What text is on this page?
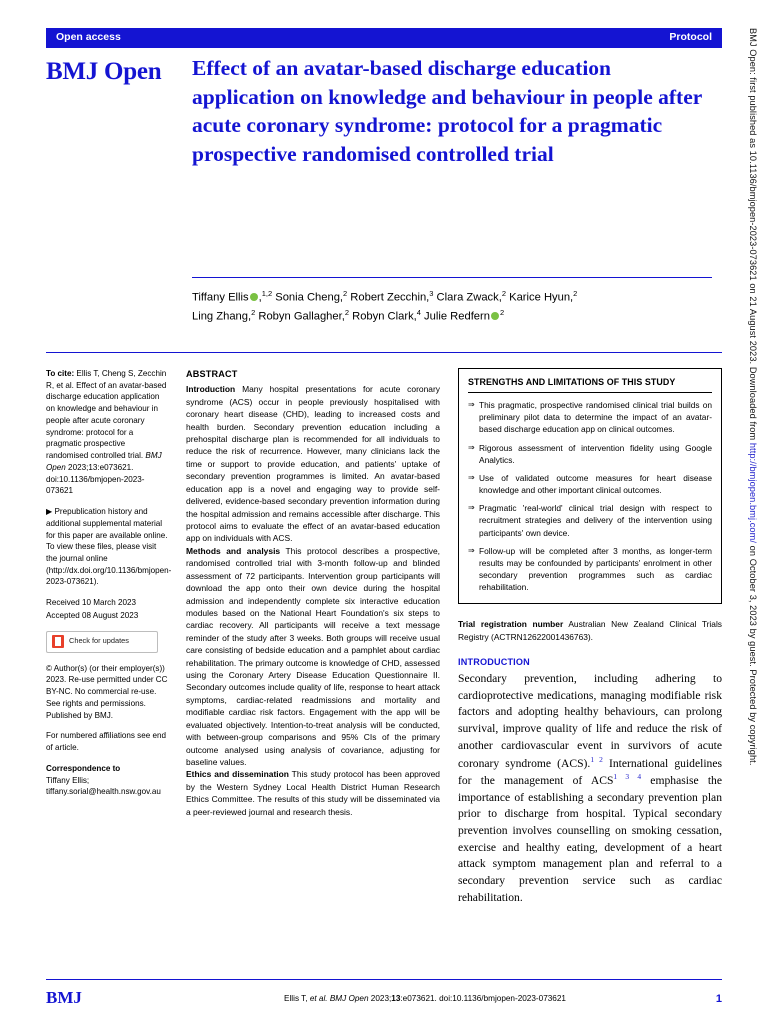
BMJ Open: first published as 10.1136/bmjopen-2023-073621 on 21 August 2023. Downloaded from http://bmjopen.bmj.com/ on October 3, 2023 by guest. Protected by copyright.
Open access	Protocol
BMJ Open	Effect of an avatar-based discharge education application on knowledge and behaviour in people after acute coronary syndrome: protocol for a pragmatic prospective randomised controlled trial
Tiffany Ellis ,$^{1,2}$ Sonia Cheng,$^2$ Robert Zecchin,$^3$ Clara Zwack,$^2$ Karice Hyun,$^2$
Ling Zhang,$^2$ Robyn Gallagher,$^2$ Robyn Clark,$^4$ Julie Redfern $^2$

To cite: Ellis T, Cheng S, Zecchin R, et al. Effect of an avatar-based discharge education application on knowledge and behaviour in people after acute coronary syndrome: protocol for a pragmatic prospective randomised controlled trial. BMJ Open 2023;13:e073621. doi:10.1136/bmjopen-2023-073621

▶ Prepublication history and additional supplemental material for this paper are available online. To view these files, please visit the journal online (http://dx.doi.org/10.1136/bmjopen-2023-073621).

Received 10 March 2023

Accepted 08 August 2023

Check for updates

© Author(s) (or their employer(s)) 2023. Re-use permitted under CC BY-NC. No commercial re-use. See rights and permissions. Published by BMJ.

For numbered affiliations see end of article.

Correspondence to
Tiffany Ellis;
tiffany.sorial@health.nsw.gov.au

ABSTRACT

Introduction Many hospital presentations for acute coronary syndrome (ACS) occur in people previously hospitalised with coronary heart disease (CHD), leading to increased costs and health burden. Secondary prevention education including a prehospital discharge plan is recommended for all individuals to reduce the risk of recurrence. However, many clinicians lack the time or support to provide education, and patients' uptake of secondary prevention programmes is limited. An avatar-based education app is a novel and engaging way to provide self-delivered, evidence-based secondary prevention information during the hospital admission and remains accessible after discharge. This protocol aims to evaluate the effect of an avatar-based education app on individuals with ACS.

Methods and analysis This protocol describes a prospective, randomised controlled trial with 3-month follow-up and blinded assessment of 72 participants. Intervention group participants will download the app onto their own device during the hospital admission and independently complete six interactive education modules based on the National Heart Foundation's six steps to cardiac recovery. All participants will receive a text message reminder of the study after 3 weeks. Both groups will receive usual care consisting of bedside education and a pamphlet about cardiac rehabilitation. The primary outcome is knowledge of CHD, assessed using the Coronary Artery Disease Education Questionnaire II. Secondary outcomes include quality of life, response to heart attack symptoms, cardiac-related readmissions and mortality and modifiable cardiac risk factors. Engagement with the app will be evaluated objectively. Intention-to-treat analysis will be conducted, with between-group comparisons and 95% CIs of the primary outcome analysed using analysis of covariance, adjusting for baseline values.

Ethics and dissemination This study protocol has been approved by the Western Sydney Local Health District Human Research Ethics Committee. The results of this study will be disseminated via a peer-reviewed journal and research thesis.

STRENGTHS AND LIMITATIONS OF THIS STUDY
⇒ This pragmatic, prospective randomised clinical trial builds on preliminary pilot data to determine the impact of an avatar-based discharge education app on clinical outcomes.
⇒ Rigorous assessment of intervention fidelity using Google Analytics.
⇒ Use of validated outcome measures for heart disease knowledge and other important clinical outcomes.
⇒ Pragmatic 'real-world' clinical trial design with respect to recruitment strategies and delivery of the intervention using participants' own device.
⇒ Follow-up will be completed after 3 months, as longer-term results may be confounded by participants' enrolment in other secondary prevention programmes such as cardiac rehabilitation.
Trial registration number Australian New Zealand Clinical Trials Registry (ACTRN12622001436763).
INTRODUCTION
Secondary prevention, including adhering to cardioprotective medications, managing modifiable risk factors and adopting healthy behaviours, can prolong survival, improve quality of life and reduce the risk of another cardiovascular event in survivors of acute coronary syndrome (ACS).$^{1 2}$ International guidelines for the management of ACS$^{1 3 4}$ emphasise the importance of establishing a secondary prevention plan prior to discharge from hospital. Typical secondary prevention involves counselling on smoking cessation, exercise and healthy eating, development of a heart attack symptom management plan and referral to a secondary prevention service such as cardiac rehabilitation.
BMJ	Ellis T, et al. BMJ Open 2023;13:e073621. doi:10.1136/bmjopen-2023-073621	1
